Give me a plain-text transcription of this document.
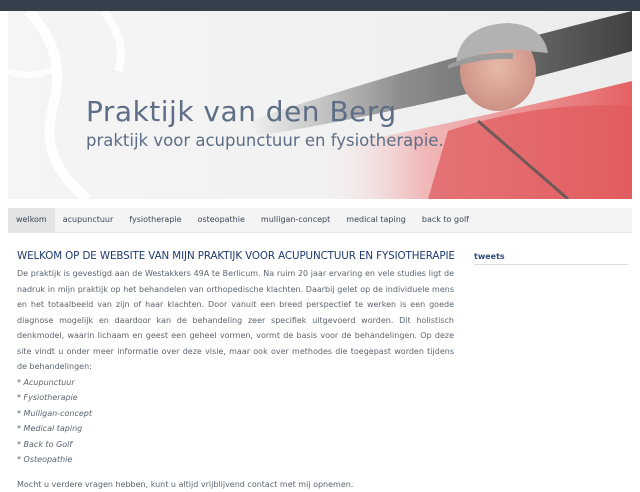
Praktijk van den Berg

praktijk voor acupunctuur en fysiotherapie.

welkom	acupunctuur	fysiotherapie	osteopathie	mulligan-concept	medical taping	back to golf
WELKOM OP DE WEBSITE VAN MIJN PRAKTIJK VOOR ACUPUNCTUUR EN FYSIOTHERAPIE

De praktijk is gevestigd aan de Westakkers 49A te Berlicum. Na ruim 20 jaar ervaring en vele studies ligt de nadruk in mijn praktijk op het behandelen van orthopedische klachten. Daarbij gelet op de individuele mens en het totaalbeeld van zijn of haar klachten. Door vanuit een breed perspectief te werken is een goede diagnose mogelijk en daardoor kan de behandeling zeer specifiek uitgevoerd worden. Dit holistisch denkmodel, waarin lichaam en geest een geheel vormen, vormt de basis voor de behandelingen. Op deze site vindt u onder meer informatie over deze visie, maar ook over methodes die toegepast worden tijdens de behandelingen:

* Acupunctuur
* Fysiotherapie
* Mulligan-concept
* Medical taping
* Back to Golf
* Osteopathie

Mocht u verdere vragen hebben, kunt u altijd vrijblijvend contact met mij opnemen.

tweets
